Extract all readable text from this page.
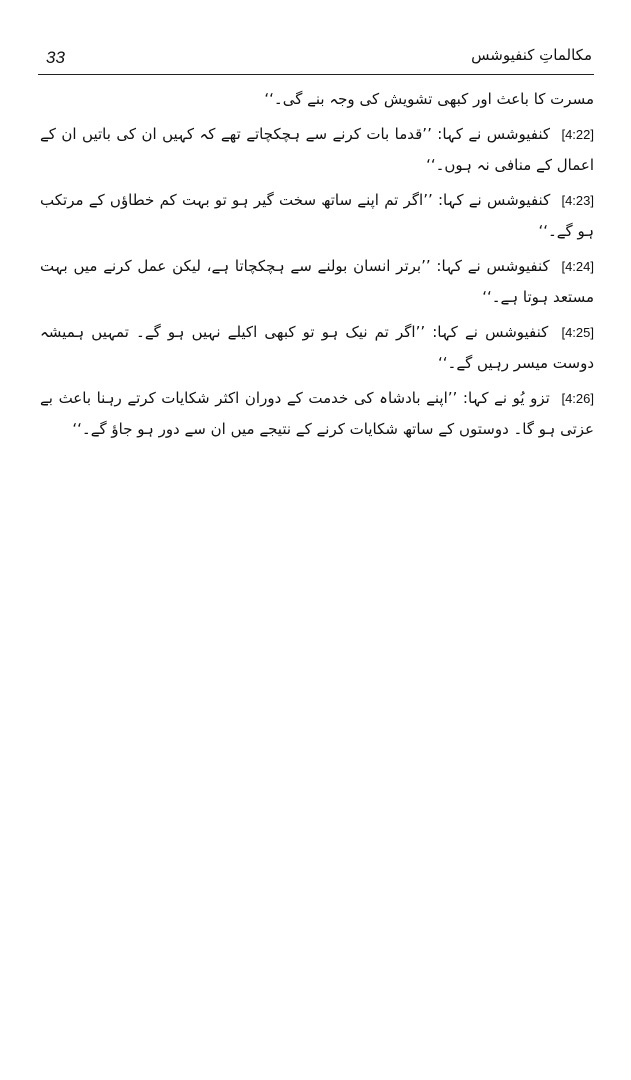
33	مکالماتِ کنفیوشس

مسرت کا باعث اور کبھی تشویش کی وجہ بنے گی۔‘‘

[4:22] کنفیوشس نے کہا: ’’قدما بات کرنے سے ہچکچاتے تھے کہ کہیں ان کی باتیں ان کے اعمال کے منافی نہ ہوں۔‘‘

[4:23] کنفیوشس نے کہا: ’’اگر تم اپنے ساتھ سخت گیر ہو تو بہت کم خطاؤں کے مرتکب ہو گے۔‘‘

[4:24] کنفیوشس نے کہا: ’’برتر انسان بولنے سے ہچکچاتا ہے، لیکن عمل کرنے میں بہت مستعد ہوتا ہے۔‘‘

[4:25] کنفیوشس نے کہا: ’’اگر تم نیک ہو تو کبھی اکیلے نہیں ہو گے۔ تمہیں ہمیشہ دوست میسر رہیں گے۔‘‘

[4:26] تزو یُو نے کہا: ’’اپنے بادشاہ کی خدمت کے دوران اکثر شکایات کرتے رہنا باعث بے عزتی ہو گا۔ دوستوں کے ساتھ شکایات کرنے کے نتیجے میں ان سے دور ہو جاؤ گے۔‘‘
